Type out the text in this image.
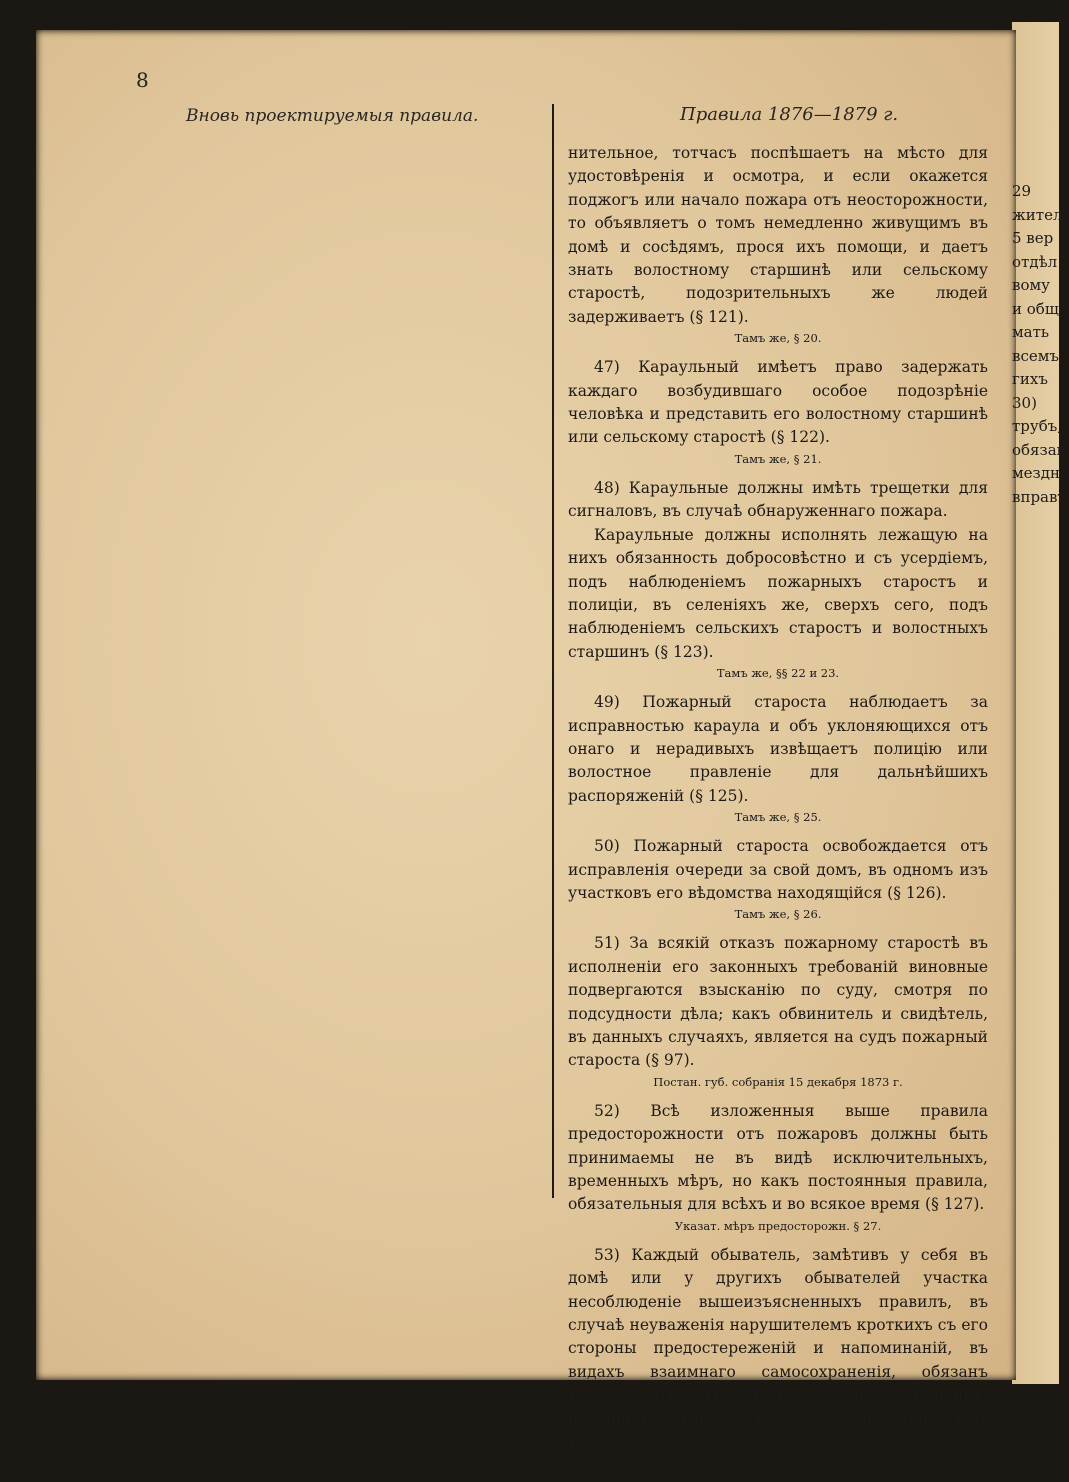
8
Вновь проектируемыя правила.	Правила 1876—1879 г.

нительное, тотчасъ поспѣшаетъ на мѣсто для удостовѣренія и осмотра, и если окажется поджогъ или начало пожара отъ неосторожности, то объявляетъ о томъ немедленно живущимъ въ домѣ и сосѣдямъ, прося ихъ помощи, и даетъ знать волостному старшинѣ или сельскому старостѣ, подозрительныхъ же людей задерживаетъ (§ 121).

Тамъ же, § 20.

47) Караульный имѣетъ право задержать каждаго возбудившаго особое подозрѣніе человѣка и представить его волостному старшинѣ или сельскому старостѣ (§ 122).

Тамъ же, § 21.

48) Караульные должны имѣть трещетки для сигналовъ, въ случаѣ обнаруженнаго пожара.

Караульные должны исполнять лежащую на нихъ обязанность добросовѣстно и съ усердіемъ, подъ наблюденіемъ пожарныхъ старостъ и полиціи, въ селеніяхъ же, сверхъ сего, подъ наблюденіемъ сельскихъ старостъ и волостныхъ старшинъ (§ 123).

Тамъ же, §§ 22 и 23.

49) Пожарный староста наблюдаетъ за исправностью караула и объ уклоняющихся отъ онаго и нерадивыхъ извѣщаетъ полицію или волостное правленіе для дальнѣйшихъ распоряженій (§ 125).

Тамъ же, § 25.

50) Пожарный староста освобождается отъ исправленія очереди за свой домъ, въ одномъ изъ участковъ его вѣдомства находящійся (§ 126).

Тамъ же, § 26.

51) За всякій отказъ пожарному старостѣ въ исполненіи его законныхъ требованій виновные подвергаются взысканію по суду, смотря по подсудности дѣла; какъ обвинитель и свидѣтель, въ данныхъ случаяхъ, является на судъ пожарный староста (§ 97).

Постан. губ. собранія 15 декабря 1873 г.

52) Всѣ изложенныя выше правила предосторожности отъ пожаровъ должны быть принимаемы не въ видѣ исключительныхъ, временныхъ мѣръ, но какъ постоянныя правила, обязательныя для всѣхъ и во всякое время (§ 127).

Указат. мѣръ предосторожн. § 27.

53) Каждый обыватель, замѣтивъ у себя въ домѣ или у другихъ обывателей участка несоблюденіе вышеизъясненныхъ правилъ, въ случаѣ неуваженія нарушителемъ кроткихъ съ его стороны предостереженій и напоминаній, въ видахъ взаимнаго самосохраненія, обязанъ тотчасъ дать знать о томъ волостному старшинѣ, пожарному старостѣ или сельскому старостѣ (§ 128).

Тамъ же, § 28.
29
жител
5 вер
отдѣл
вому
и общ
мать
всемъ
гихъ
30)
трубъ,
обязан
мездно
вправѣ
